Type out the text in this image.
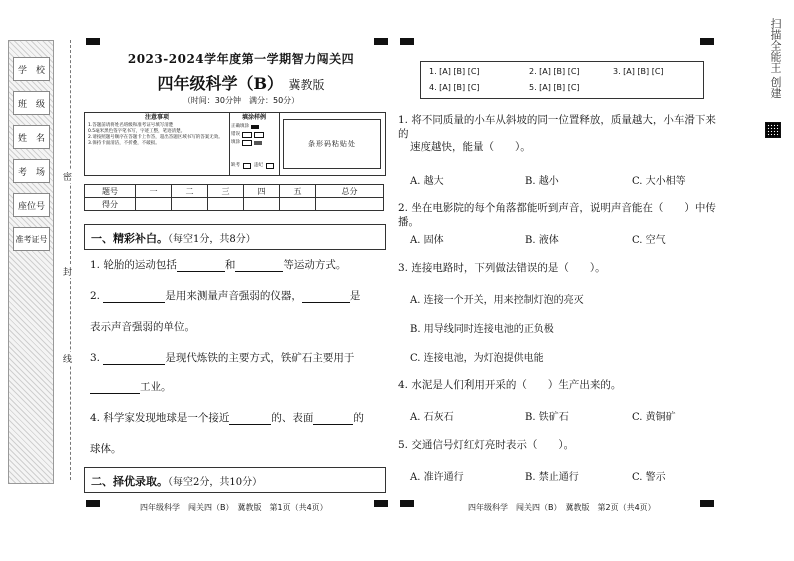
学　校
班　级
姓　名
考　场
座位号
准考证号
密
封
线
2023-2024学年度第一学期智力闯关四
四年级科学（B） 冀教版
（时间：30分钟　满分：50分）
注意事项
1.答题前请将姓名班级和准考证号填写清楚
0.5毫米黑色签字笔书写，字迹工整，笔迹清楚。
2.请按照题号顺序在答题卡上作答，超出答题区域书写的答案无效。
3.保持卡面清洁，不折叠，不破损。
填涂样例
正确填涂
错误
填涂
缺考	违纪
条形码粘贴处
题号	一	二	三	四	五	总分
得分						
一、精彩补白。（每空1分，共8分）
1. 轮胎的运动包括	和	等运动方式。
2.	是用来测量声音强弱的仪器，	是
表示声音强弱的单位。
3.	是现代炼铁的主要方式，铁矿石主要用于
工业。
4. 科学家发现地球是一个接近	的、表面	的
球体。
二、择优录取。（每空2分，共10分）
四年级科学　闯关四（B）　冀教版　第1页（共4页）
1. [A] [B] [C]	2. [A] [B] [C]	3. [A] [B] [C]
4. [A] [B] [C]	5. [A] [B] [C]
1. 将不同质量的小车从斜坡的同一位置释放，质量越大，小车滑下来的
速度越快，能量（　　）。
A. 越大	B. 越小	C. 大小相等
2. 坐在电影院的每个角落都能听到声音，说明声音能在（　　）中传播。
A. 固体	B. 液体	C. 空气
3. 连接电路时，下列做法错误的是（　　）。
A. 连接一个开关，用来控制灯泡的亮灭
B. 用导线同时连接电池的正负极
C. 连接电池，为灯泡提供电能
4. 水泥是人们利用开采的（　　）生产出来的。
A. 石灰石	B. 铁矿石	C. 黄铜矿
5. 交通信号灯红灯亮时表示（　　）。
A. 准许通行	B. 禁止通行	C. 警示
四年级科学　闯关四（B）　冀教版　第2页（共4页）
扫描全能王 创建
